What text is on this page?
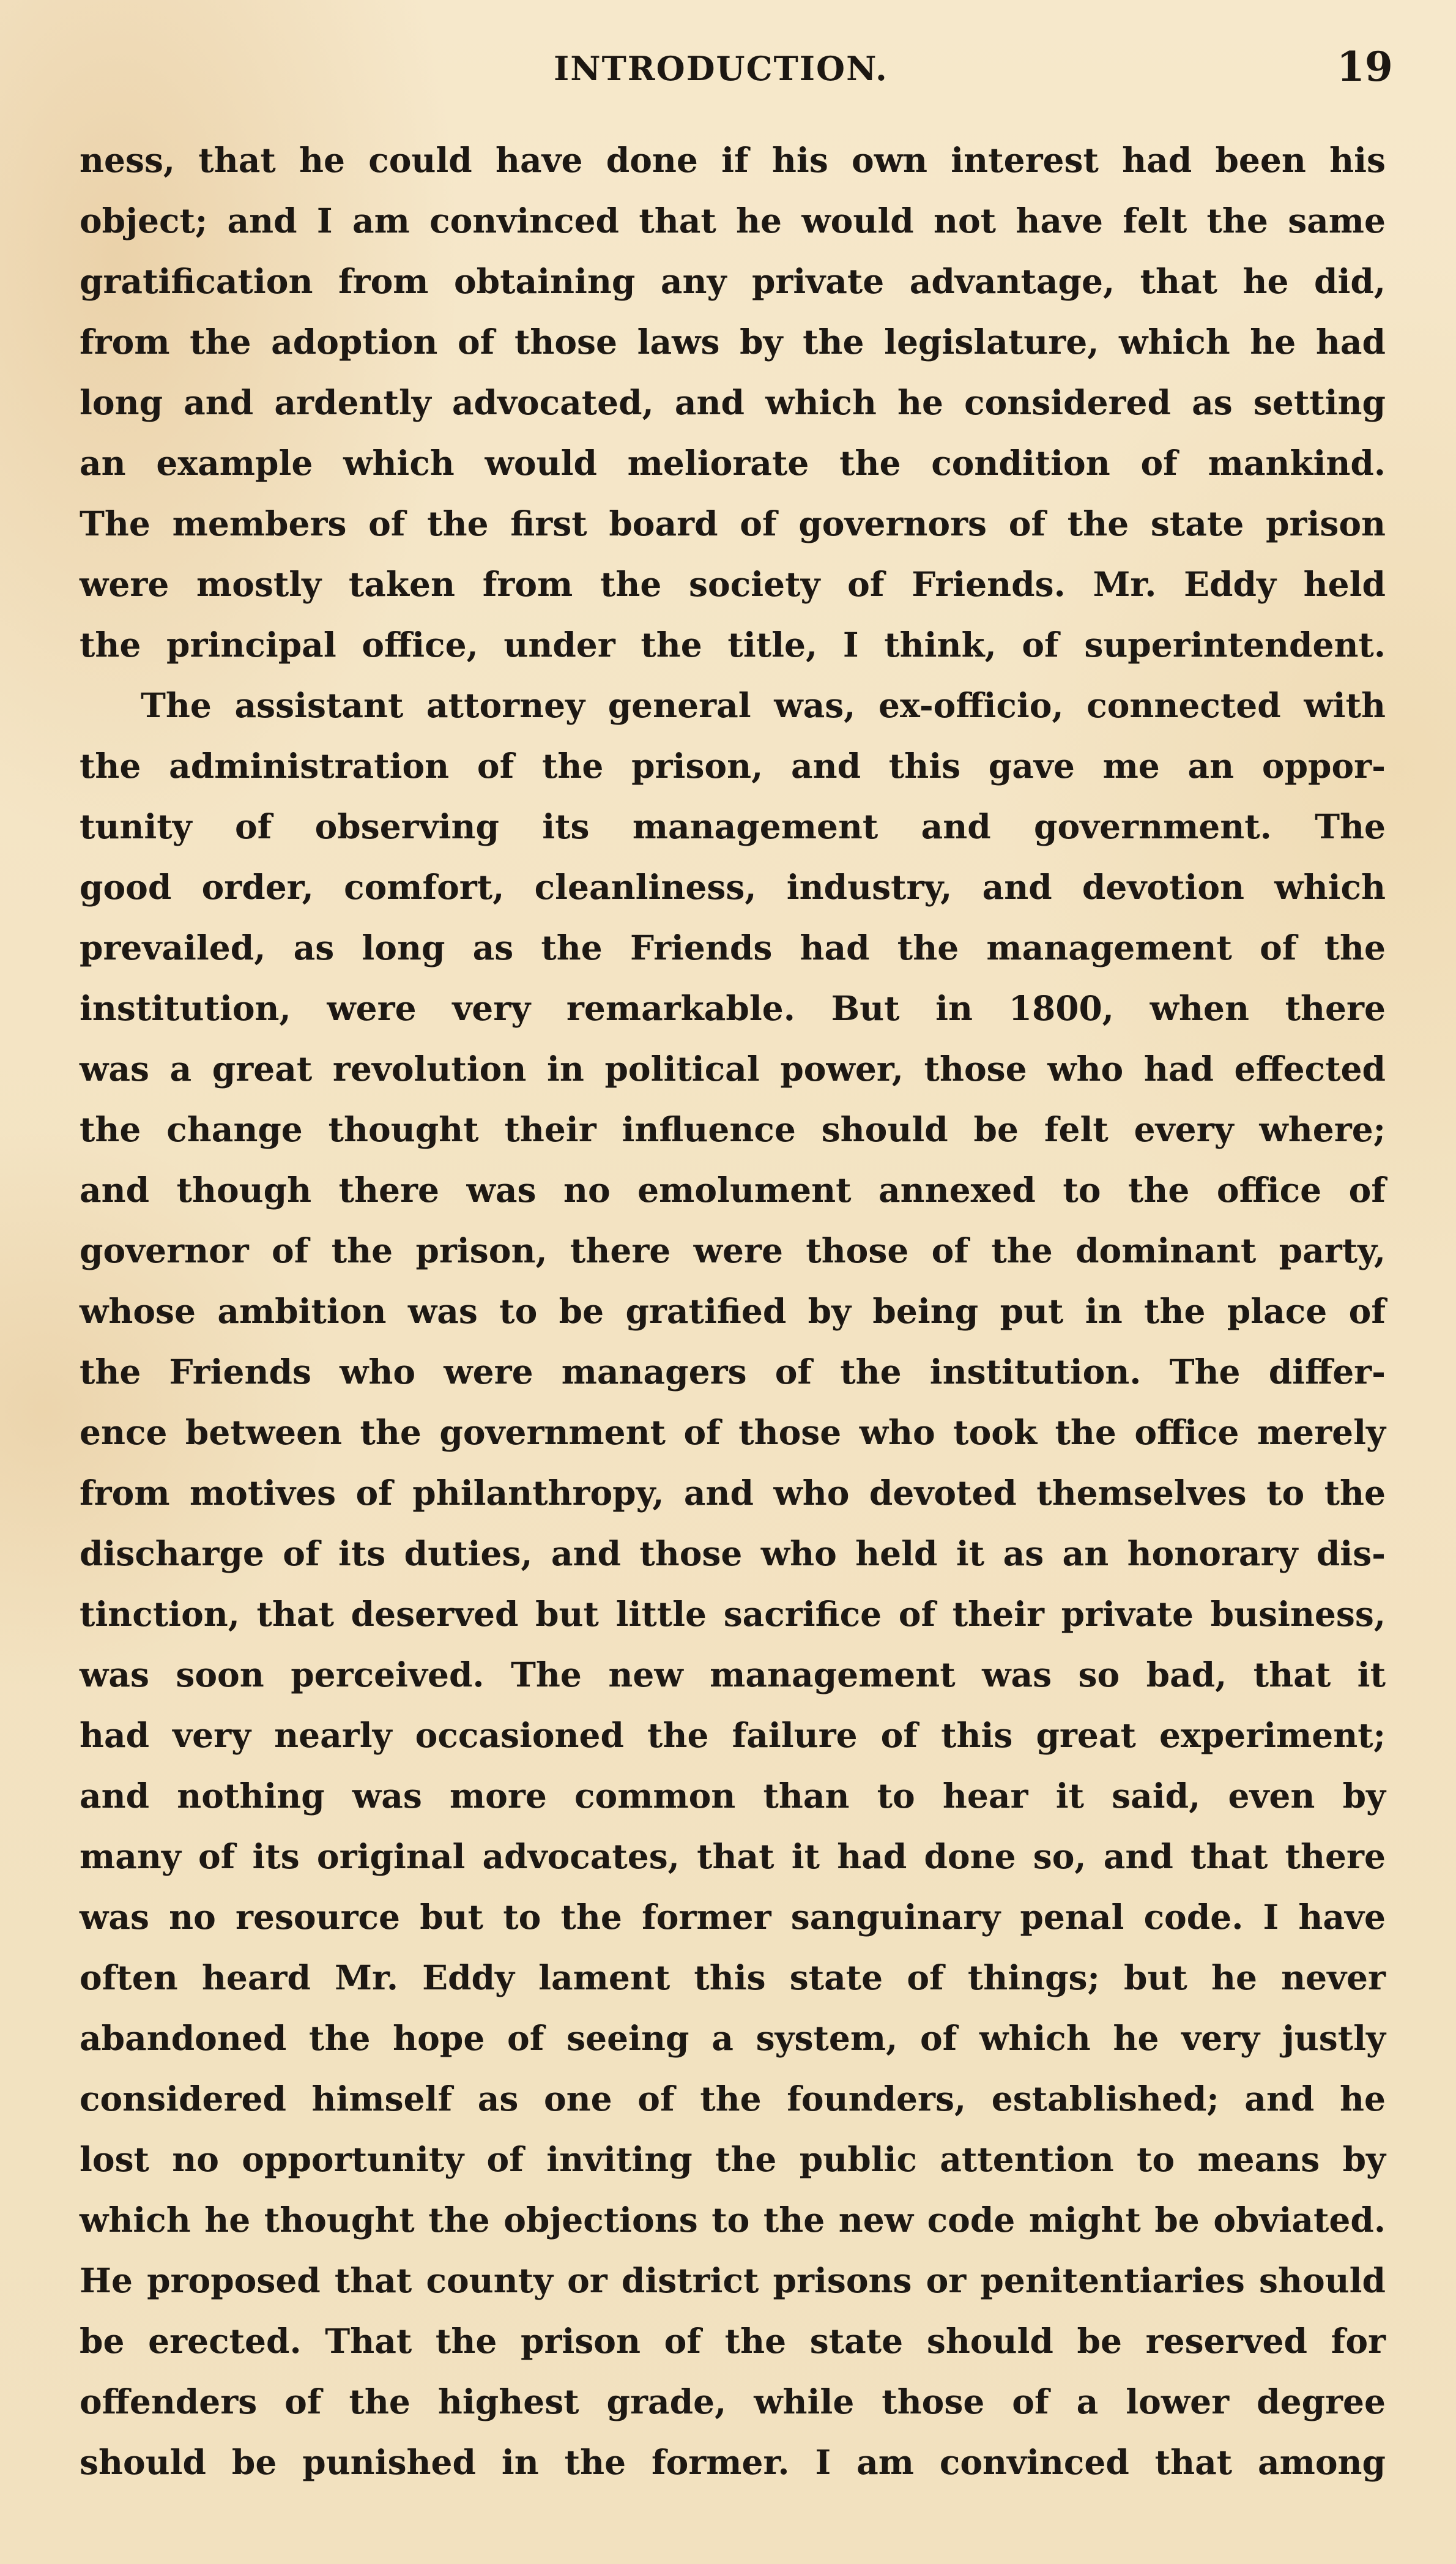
INTRODUCTION.	19
ness, that he could have done if his own interest had been his
object; and I am convinced that he would not have felt the same
gratification from obtaining any private advantage, that he did,
from the adoption of those laws by the legislature, which he had
long and ardently advocated, and which he considered as setting
an example which would meliorate the condition of mankind.
The members of the first board of governors of the state prison
were mostly taken from the society of Friends. Mr. Eddy held
the principal office, under the title, I think, of superintendent.
The assistant attorney general was, ex-officio, connected with
the administration of the prison, and this gave me an oppor-
tunity of observing its management and government. The
good order, comfort, cleanliness, industry, and devotion which
prevailed, as long as the Friends had the management of the
institution, were very remarkable. But in 1800, when there
was a great revolution in political power, those who had effected
the change thought their influence should be felt every where;
and though there was no emolument annexed to the office of
governor of the prison, there were those of the dominant party,
whose ambition was to be gratified by being put in the place of
the Friends who were managers of the institution. The differ-
ence between the government of those who took the office merely
from motives of philanthropy, and who devoted themselves to the
discharge of its duties, and those who held it as an honorary dis-
tinction, that deserved but little sacrifice of their private business,
was soon perceived. The new management was so bad, that it
had very nearly occasioned the failure of this great experiment;
and nothing was more common than to hear it said, even by
many of its original advocates, that it had done so, and that there
was no resource but to the former sanguinary penal code. I have
often heard Mr. Eddy lament this state of things; but he never
abandoned the hope of seeing a system, of which he very justly
considered himself as one of the founders, established; and he
lost no opportunity of inviting the public attention to means by
which he thought the objections to the new code might be obviated.
He proposed that county or district prisons or penitentiaries should
be erected. That the prison of the state should be reserved for
offenders of the highest grade, while those of a lower degree
should be punished in the former. I am convinced that among
